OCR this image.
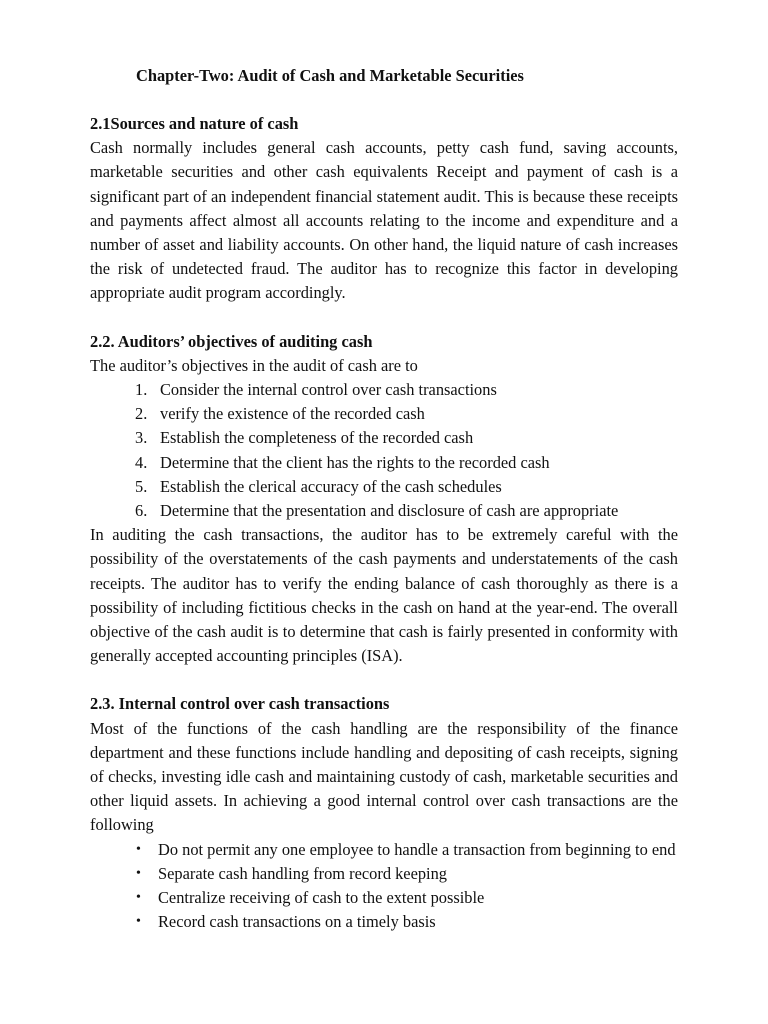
Chapter-Two: Audit of Cash and Marketable Securities
2.1Sources and nature of cash

Cash normally includes general cash accounts, petty cash fund, saving accounts, marketable securities and other cash equivalents Receipt and payment of cash is a significant part of an independent financial statement audit. This is because these receipts and payments affect almost all accounts relating to the income and expenditure and a number of asset and liability accounts. On other hand, the liquid nature of cash increases the risk of undetected fraud. The auditor has to recognize this factor in developing appropriate audit program accordingly.

2.2. Auditors’ objectives of auditing cash

The auditor’s objectives in the audit of cash are to

1. Consider the internal control over cash transactions
2. verify the existence of the recorded cash
3. Establish the completeness of the recorded cash
4. Determine that the client has the rights to the recorded cash
5. Establish the clerical accuracy of the cash schedules
6. Determine that the presentation and disclosure of cash are appropriate

In auditing the cash transactions, the auditor has to be extremely careful with the possibility of the overstatements of the cash payments and understatements of the cash receipts. The auditor has to verify the ending balance of cash thoroughly as there is a possibility of including fictitious checks in the cash on hand at the year-end. The overall objective of the cash audit is to determine that cash is fairly presented in conformity with generally accepted accounting principles (ISA).

2.3. Internal control over cash transactions

Most of the functions of the cash handling are the responsibility of the finance department and these functions include handling and depositing of cash receipts, signing of checks, investing idle cash and maintaining custody of cash, marketable securities and other liquid assets. In achieving a good internal control over cash transactions are the following

• Do not permit any one employee to handle a transaction from beginning to end
• Separate cash handling from record keeping
• Centralize receiving of cash to the extent possible
• Record cash transactions on a timely basis
